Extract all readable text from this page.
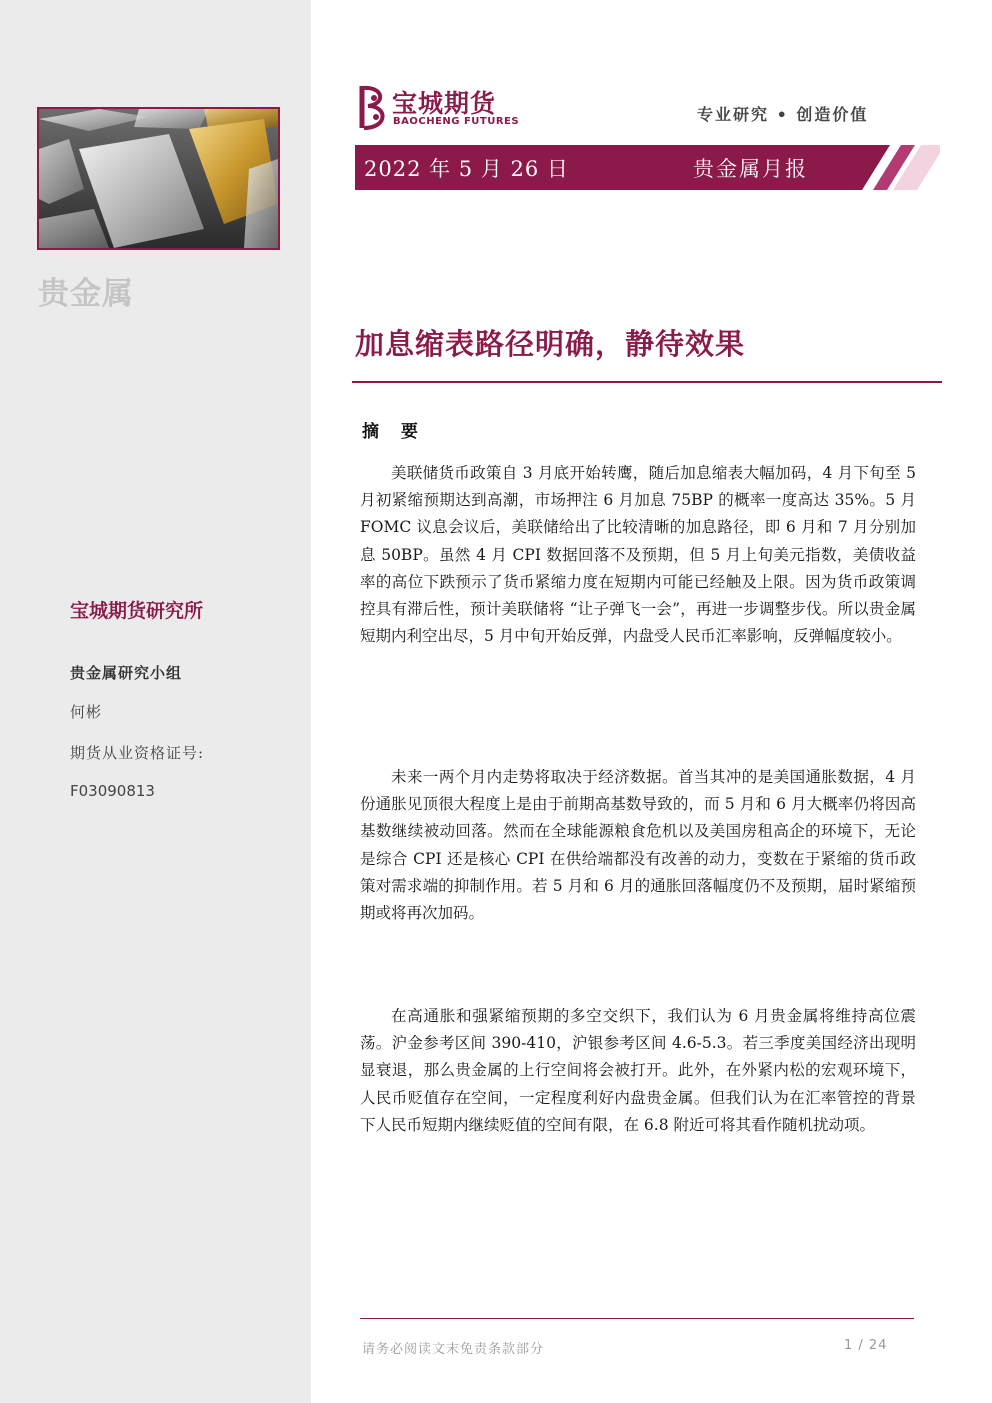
贵金属
宝城期货研究所
贵金属研究小组
何彬
期货从业资格证号:
F03090813
宝城期货
BAOCHENG FUTURES	专业研究 • 创造价值
2022 年 5 月 26 日	贵金属月报
加息缩表路径明确，静待效果
摘 要

美联储货币政策自 3 月底开始转鹰，随后加息缩表大幅加码，4 月下旬至 5 月初紧缩预期达到高潮，市场押注 6 月加息 75BP 的概率一度高达 35%。5 月 FOMC 议息会议后，美联储给出了比较清晰的加息路径，即 6 月和 7 月分别加息 50BP。虽然 4 月 CPI 数据回落不及预期，但 5 月上旬美元指数，美债收益率的高位下跌预示了货币紧缩力度在短期内可能已经触及上限。因为货币政策调控具有滞后性，预计美联储将 “让子弹飞一会”，再进一步调整步伐。所以贵金属短期内利空出尽，5 月中旬开始反弹，内盘受人民币汇率影响，反弹幅度较小。

未来一两个月内走势将取决于经济数据。首当其冲的是美国通胀数据，4 月份通胀见顶很大程度上是由于前期高基数导致的，而 5 月和 6 月大概率仍将因高基数继续被动回落。然而在全球能源粮食危机以及美国房租高企的环境下，无论是综合 CPI 还是核心 CPI 在供给端都没有改善的动力，变数在于紧缩的货币政策对需求端的抑制作用。若 5 月和 6 月的通胀回落幅度仍不及预期，届时紧缩预期或将再次加码。

在高通胀和强紧缩预期的多空交织下，我们认为 6 月贵金属将维持高位震荡。沪金参考区间 390-410，沪银参考区间 4.6-5.3。若三季度美国经济出现明显衰退，那么贵金属的上行空间将会被打开。此外，在外紧内松的宏观环境下，人民币贬值存在空间，一定程度利好内盘贵金属。但我们认为在汇率管控的背景下人民币短期内继续贬值的空间有限，在 6.8 附近可将其看作随机扰动项。

请务必阅读文末免责条款部分	1 / 24
